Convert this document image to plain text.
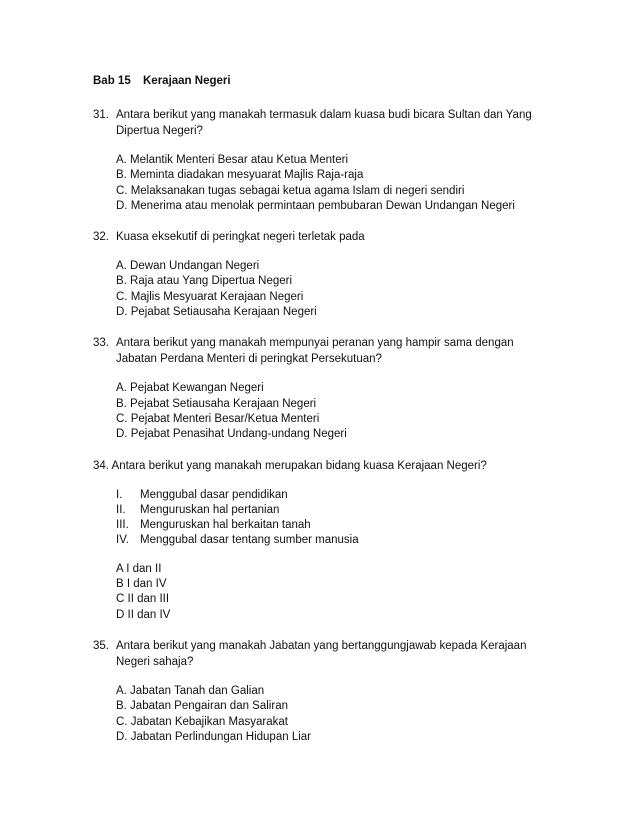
Bab 15	Kerajaan Negeri
31. Antara berikut yang manakah termasuk dalam kuasa budi bicara Sultan dan Yang
Dipertua Negeri?
A. Melantik Menteri Besar atau Ketua Menteri
B. Meminta diadakan mesyuarat Majlis Raja-raja
C. Melaksanakan tugas sebagai ketua agama Islam di negeri sendiri
D. Menerima atau menolak permintaan pembubaran Dewan Undangan Negeri
32. Kuasa eksekutif di peringkat negeri terletak pada
A. Dewan Undangan Negeri
B. Raja atau Yang Dipertua Negeri
C. Majlis Mesyuarat Kerajaan Negeri
D. Pejabat Setiausaha Kerajaan Negeri
33. Antara berikut yang manakah mempunyai peranan yang hampir sama dengan
Jabatan Perdana Menteri di peringkat Persekutuan?
A. Pejabat Kewangan Negeri
B. Pejabat Setiausaha Kerajaan Negeri
C. Pejabat Menteri Besar/Ketua Menteri
D. Pejabat Penasihat Undang-undang Negeri
34. Antara berikut yang manakah merupakan bidang kuasa Kerajaan Negeri?
I. Menggubal dasar pendidikan
II. Menguruskan hal pertanian
III. Menguruskan hal berkaitan tanah
IV. Menggubal dasar tentang sumber manusia
A I dan II
B I dan IV
C II dan III
D II dan IV
35. Antara berikut yang manakah Jabatan yang bertanggungjawab kepada Kerajaan
Negeri sahaja?
A. Jabatan Tanah dan Galian
B. Jabatan Pengairan dan Saliran
C. Jabatan Kebajikan Masyarakat
D. Jabatan Perlindungan Hidupan Liar
